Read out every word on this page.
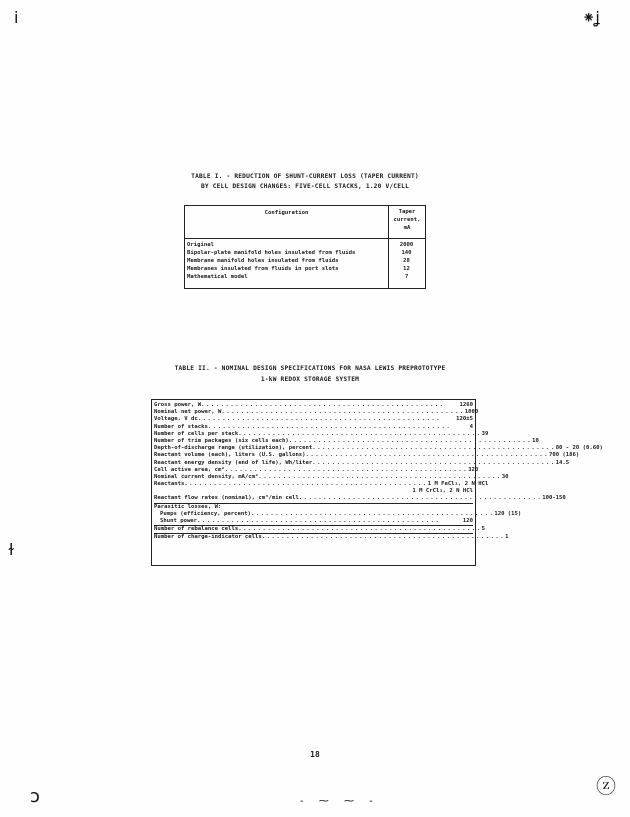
ⅰ	⁕ʝ
ɫ
ↄ	ⓩ
- ⁓ ⁓ -
TABLE I. - REDUCTION OF SHUNT-CURRENT LOSS (TAPER CURRENT)
BY CELL DESIGN CHANGES: FIVE-CELL STACKS, 1.20 V/CELL
Configuration	Taper
current,
mA
Original	2000
Bipolar-plate manifold holes insulated from fluids	140
Membrane manifold holes insulated from fluids	28
Membranes insulated from fluids in port slots	12
Mathematical model	7
TABLE II. - NOMINAL DESIGN SPECIFICATIONS FOR NASA LEWIS PREPROTOTYPE
1-kW REDOX STORAGE SYSTEM
Gross power, W ..................................................	1260
Nominal net power, W .................................................. 1000
Voltage, V dc ..................................................	120±5
Number of stacks ..................................................	4
Number of cells per stack .................................................. 39
Number of trim packages (six cells each) .................................................. 10
Depth-of-discharge range (utilization), percent .................................................. 80 - 20 (0.60)
Reactant volume (each), liters (U.S. gallons) .................................................. 700 (186)
Reactant energy density (end of life), Wh/liter .................................................. 14.5
Cell active area, cm² .................................................. 320
Nominal current density, mA/cm² .................................................. 30
Reactants .................................................. 1 M FeCl₃, 2 N HCl
1 M CrCl₃, 2 N HCl
Reactant flow rates (nominal), cm³/min cell .................................................. 100-150
Parasitic losses, W:
Pumps (efficiency, percent) .................................................. 120 (15)
Shunt power ..................................................	120
Number of rebalance cells .................................................. 5
Number of charge-indicator cells .................................................. 1
18
